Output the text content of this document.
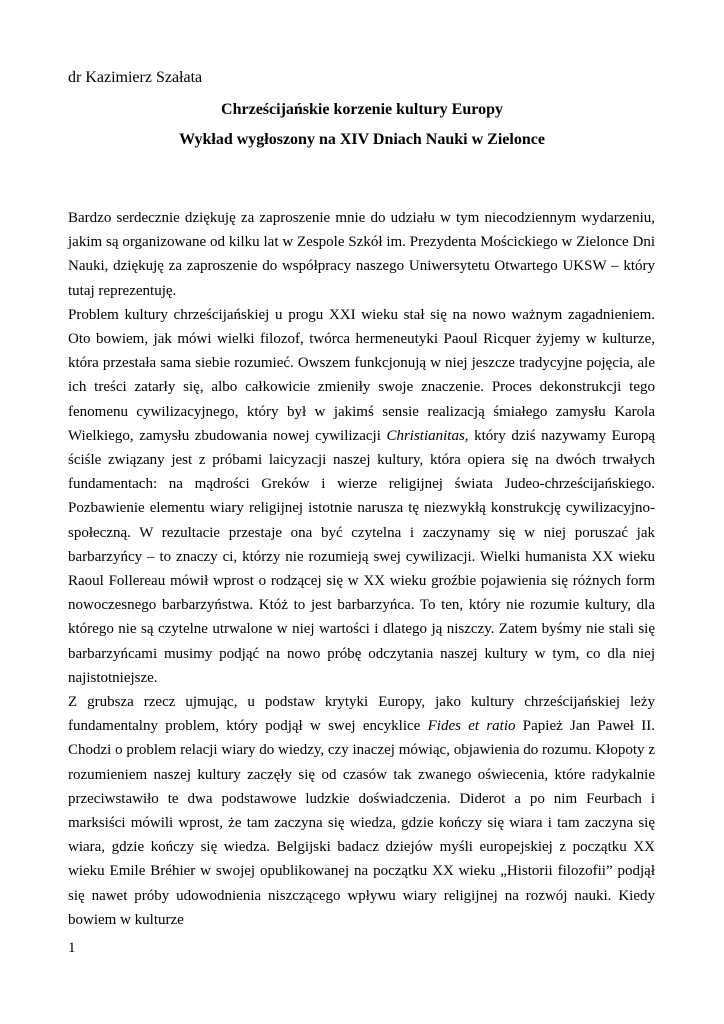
dr Kazimierz Szałata
Chrześcijańskie korzenie kultury Europy
Wykład wygłoszony na XIV Dniach Nauki w Zielonce

Bardzo serdecznie dziękuję za zaproszenie mnie do udziału w tym niecodziennym wydarzeniu, jakim są organizowane od kilku lat w Zespole Szkół im. Prezydenta Mościckiego w Zielonce Dni Nauki, dziękuję za zaproszenie do współpracy naszego Uniwersytetu Otwartego UKSW – który tutaj reprezentuję.

Problem kultury chrześcijańskiej u progu XXI wieku stał się na nowo ważnym zagadnieniem. Oto bowiem, jak mówi wielki filozof, twórca hermeneutyki Paoul Ricquer żyjemy w kulturze, która przestała sama siebie rozumieć. Owszem funkcjonują w niej jeszcze tradycyjne pojęcia, ale ich treści zatarły się, albo całkowicie zmieniły swoje znaczenie. Proces dekonstrukcji tego fenomenu cywilizacyjnego, który był w jakimś sensie realizacją śmiałego zamysłu Karola Wielkiego, zamysłu zbudowania nowej cywilizacji Christianitas, który dziś nazywamy Europą ściśle związany jest z próbami laicyzacji naszej kultury, która opiera się na dwóch trwałych fundamentach: na mądrości Greków i wierze religijnej świata Judeo-chrześcijańskiego. Pozbawienie elementu wiary religijnej istotnie narusza tę niezwykłą konstrukcję cywilizacyjno-społeczną. W rezultacie przestaje ona być czytelna i zaczynamy się w niej poruszać jak barbarzyńcy – to znaczy ci, którzy nie rozumieją swej cywilizacji. Wielki humanista XX wieku Raoul Follereau mówił wprost o rodzącej się w XX wieku groźbie pojawienia się różnych form nowoczesnego barbarzyństwa. Któż to jest barbarzyńca. To ten, który nie rozumie kultury, dla którego nie są czytelne utrwalone w niej wartości i dlatego ją niszczy. Zatem byśmy nie stali się barbarzyńcami musimy podjąć na nowo próbę odczytania naszej kultury w tym, co dla niej najistotniejsze.

Z grubsza rzecz ujmując, u podstaw krytyki Europy, jako kultury chrześcijańskiej leży fundamentalny problem, który podjął w swej encyklice Fides et ratio Papież Jan Paweł II. Chodzi o problem relacji wiary do wiedzy, czy inaczej mówiąc, objawienia do rozumu. Kłopoty z rozumieniem naszej kultury zaczęły się od czasów tak zwanego oświecenia, które radykalnie przeciwstawiło te dwa podstawowe ludzkie doświadczenia. Diderot a po nim Feurbach i marksiści mówili wprost, że tam zaczyna się wiedza, gdzie kończy się wiara i tam zaczyna się wiara, gdzie kończy się wiedza. Belgijski badacz dziejów myśli europejskiej z początku XX wieku Emile Bréhier w swojej opublikowanej na początku XX wieku „Historii filozofii” podjął się nawet próby udowodnienia niszczącego wpływu wiary religijnej na rozwój nauki. Kiedy bowiem w kulturze

1
